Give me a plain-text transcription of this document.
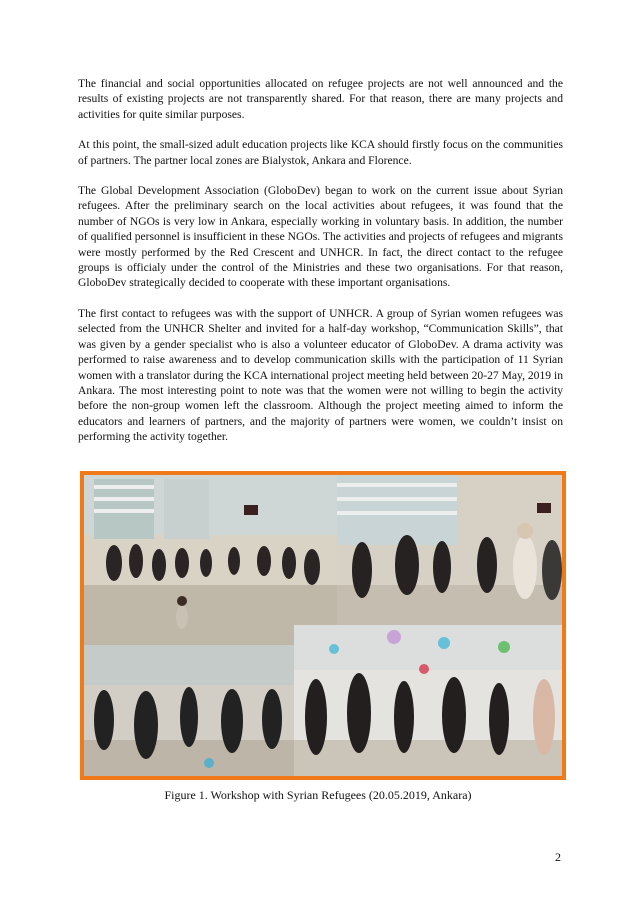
The financial and social opportunities allocated on refugee projects are not well announced and the results of existing projects are not transparently shared. For that reason, there are many projects and activities for quite similar purposes.

At this point, the small-sized adult education projects like KCA should firstly focus on the communities of partners. The partner local zones are Bialystok, Ankara and Florence.

The Global Development Association (GloboDev) began to work on the current issue about Syrian refugees. After the preliminary search on the local activities about refugees, it was found that the number of NGOs is very low in Ankara, especially working in voluntary basis. In addition, the number of qualified personnel is insufficient in these NGOs. The activities and projects of refugees and migrants were mostly performed by the Red Crescent and UNHCR. In fact, the direct contact to the refugee groups is officialy under the control of the Ministries and these two organisations. For that reason, GloboDev strategically decided to cooperate with these important organisations.

The first contact to refugees was with the support of UNHCR. A group of Syrian women refugees was selected from the UNHCR Shelter and invited for a half-day workshop, “Communication Skills”, that was given by a gender specialist who is also a volunteer educator of GloboDev. A drama activity was performed to raise awareness and to develop communication skills with the participation of 11 Syrian women with a translator during the KCA international project meeting held between 20-27 May, 2019 in Ankara. The most interesting point to note was that the women were not willing to begin the activity before the non-group women left the classroom. Although the project meeting aimed to inform the educators and learners of partners, and the majority of partners were women, we couldn’t insist on performing the activity together.

Figure 1. Workshop with Syrian Refugees (20.05.2019, Ankara)
2
